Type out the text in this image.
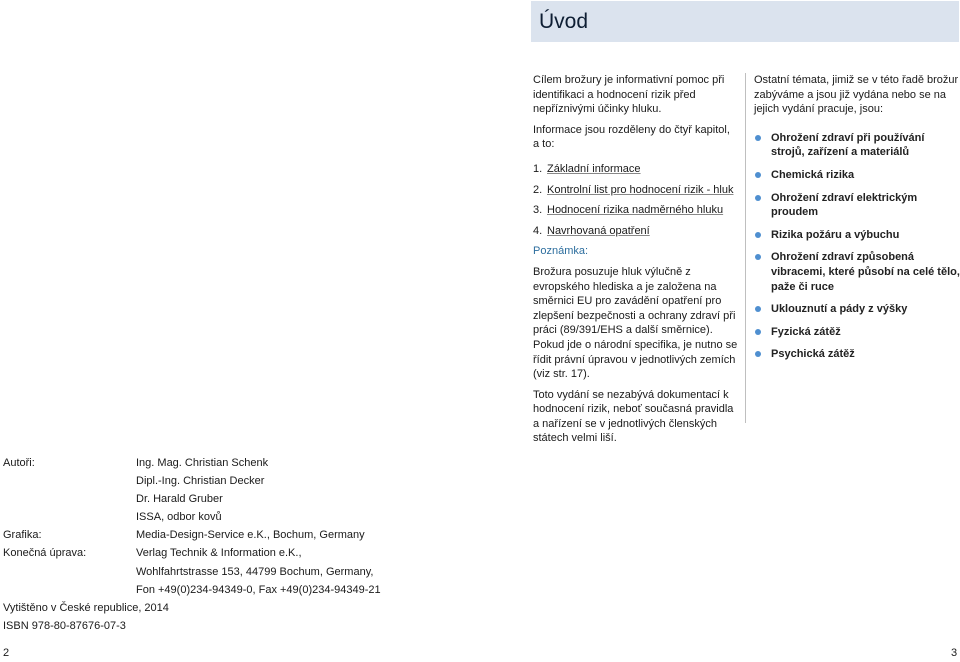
Úvod

Cílem brožury je informativní pomoc při identifikaci a hodnocení rizik před nepříznivými účinky hluku.

Informace jsou rozděleny do čtyř kapitol, a to:

1. Základní informace
2. Kontrolní list pro hodnocení rizik - hluk
3. Hodnocení rizika nadměrného hluku
4. Navrhovaná opatření

Poznámka:

Brožura posuzuje hluk výlučně z evropského hlediska a je založena na směrnici EU pro zavádění opatření pro zlepšení bezpečnosti a ochrany zdraví při práci (89/391/EHS a další směrnice). Pokud jde o národní specifika, je nutno se řídit právní úpravou v jednotlivých zemích (viz str. 17).

Toto vydání se nezabývá dokumentací k hodnocení rizik, neboť současná pravidla a nařízení se v jednotlivých členských státech velmi liší.

Ostatní témata, jimiž se v této řadě brožur zabýváme a jsou již vydána nebo se na jejich vydání pracuje, jsou:

Ohrožení zdraví při používání strojů, zařízení a materiálů
Chemická rizika
Ohrožení zdraví elektrickým proudem
Rizika požáru a výbuchu
Ohrožení zdraví způsobená vibracemi, které působí na celé tělo, paže či ruce
Uklouznutí a pády z výšky
Fyzická zátěž
Psychická zátěž
Autoři:	Ing. Mag. Christian Schenk
Dipl.-Ing. Christian Decker
Dr. Harald Gruber
ISSA, odbor kovů
Grafika:	Media-Design-Service e.K., Bochum, Germany
Konečná úprava:	Verlag Technik & Information e.K.,
Wohlfahrtstrasse 153, 44799 Bochum, Germany,
Fon +49(0)234-94349-0, Fax +49(0)234-94349-21
Vytištěno v České republice, 2014
ISBN 978-80-87676-07-3
2	3
